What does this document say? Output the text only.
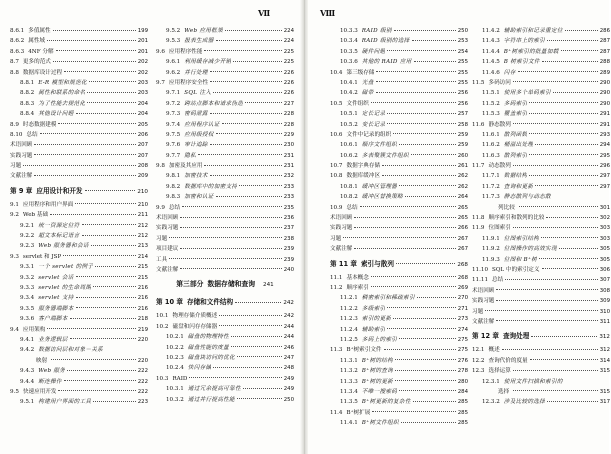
Ⅶ
8.6.1 多值属性	199
8.6.2 属性域	201
8.6.3 4NF 分解	201
8.7 更多的范式	202
8.8 数据库设计过程	202
8.8.1 E-R 模型和规范化	203
8.8.2 属性和联系的命名	203
8.8.3 为了性能去规范化	204
8.8.4 其他设计问题	204
8.9 时态数据建模	205
8.10 总结	206
术语回顾	207
实践习题	207
习题	208
文献注解	209
第 9 章 应用设计和开发	210
9.1 应用程序和用户界面	210
9.2 Web 基础	211
9.2.1 统一资源定位符	212
9.2.2 超文本标记语言	212
9.2.3 Web 服务器和会话	213
9.3 servlet 和 JSP	214
9.3.1 一个 servlet 的例子	215
9.3.2 servlet 会话	215
9.3.3 servlet 的生命周期	216
9.3.4 servlet 支持	216
9.3.5 服务器端脚本	216
9.3.6 客户端脚本	218
9.4 应用架构	219
9.4.1 业务逻辑层	220
9.4.2 数据访问层和对象－关系
映射	220
9.4.3 Web 服务	222
9.4.4 断连操作	222
9.5 快速应用开发	222
9.5.1 构建用户界面的工具	223
9.5.2 Web 应用框架	224
9.5.3 报表生成器	224
9.6 应用程序性能	225
9.6.1 利用缓存减少开销	225
9.6.2 并行处理	226
9.7 应用程序安全性	226
9.7.1 SQL 注入	226
9.7.2 跨站点脚本和请求伪造	227
9.7.3 密码泄露	228
9.7.4 应用程序认证	228
9.7.5 应用级授权	229
9.7.6 审计追踪	230
9.7.7 隐私	231
9.8 加密及其应用	231
9.8.1 加密技术	232
9.8.2 数据库中的加密支持	233
9.8.3 加密和认证	233
9.9 总结	235
术语回顾	236
实践习题	237
习题	238
项目建议	239
工具	239
文献注解	240
第三部分 数据存储和查询 241
第 10 章 存储和文件结构	242
10.1 物理存储介质概述	242
10.2 磁盘和闪存存储器	244
10.2.1 磁盘的物理特性	244
10.2.2 磁盘性能的度量	246
10.2.3 磁盘块访问的优化	247
10.2.4 快闪存储	248
10.3 RAID	249
10.3.1 通过冗余提高可靠性	249
10.3.2 通过并行提高性能	250
Ⅷ
10.3.3 RAID 级别	250
10.3.4 RAID 级别的选择	253
10.3.5 硬件问题	254
10.3.6 其他的 RAID 应用	255
10.4 第三级存储	255
10.4.1 光盘	255
10.4.2 磁带	256
10.5 文件组织	256
10.5.1 定长记录	257
10.5.2 变长记录	258
10.6 文件中记录的组织	259
10.6.1 顺序文件组织	259
10.6.2 多表聚簇文件组织	260
10.7 数据字典存储	261
10.8 数据库缓冲区	262
10.8.1 缓冲区管理器	262
10.8.2 缓冲区替换策略	264
10.9 总结	265
术语回顾	265
实践习题	266
习题	267
文献注解	267
第 11 章 索引与散列	268
11.1 基本概念	268
11.2 顺序索引	269
11.2.1 稠密索引和稀疏索引	270
11.2.2 多级索引	271
11.2.3 索引的更新	273
11.2.4 辅助索引	274
11.2.5 多码上的索引	275
11.3 B⁺树索引文件	275
11.3.1 B⁺树的结构	276
11.3.2 B⁺树的查询	278
11.3.3 B⁺树的更新	280
11.3.4 不唯一搜索码	284
11.3.5 B⁺树更新的复杂性	285
11.4 B⁺树扩展	285
11.4.1 B⁺树文件组织	285
11.4.2 辅助索引和记录重定位	286
11.4.3 字符串上的索引	287
11.4.4 B⁺树索引的批量加载	287
11.4.5 B 树索引文件	288
11.4.6 闪存	289
11.5 多码访问	290
11.5.1 使用多个单码索引	290
11.5.2 多码索引	290
11.5.3 覆盖索引	291
11.6 静态散列	291
11.6.1 散列函数	293
11.6.2 桶溢出处理	294
11.6.3 散列索引	295
11.7 动态散列	296
11.7.1 数据结构	297
11.7.2 查询和更新	297
11.7.3 静态散列与动态散
列比较	301
11.8 顺序索引和散列的比较	302
11.9 位图索引	303
11.9.1 位图索引结构	303
11.9.2 位图操作的高效实现	305
11.9.3 位图和 B⁺树	305
11.10 SQL 中的索引定义	306
11.11 总结	307
术语回顾	308
实践习题	309
习题	310
文献注解	311
第 12 章 查询处理	312
12.1 概述	312
12.2 查询代价的度量	314
12.3 选择运算	315
12.3.1 使用文件扫描和索引的
选择	315
12.3.2 涉及比较的选择	317
